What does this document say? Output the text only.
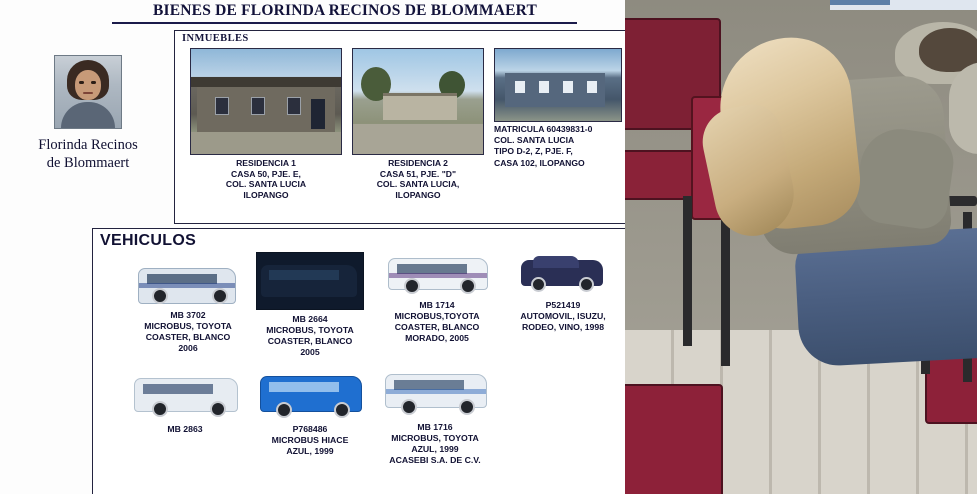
BIENES DE FLORINDA RECINOS DE BLOMMAERT
Florinda Recinos
de Blommaert
INMUEBLES
RESIDENCIA 1
CASA 50, PJE. E,
COL. SANTA LUCIA
ILOPANGO
RESIDENCIA 2
CASA 51, PJE. "D"
COL. SANTA LUCIA,
ILOPANGO
MATRICULA 60439831-0
COL. SANTA LUCIA
TIPO D-2, Z, PJE. F,
CASA 102, ILOPANGO
VEHICULOS
MB 3702
MICROBUS, TOYOTA
COASTER, BLANCO
2006
MB 2664
MICROBUS, TOYOTA
COASTER, BLANCO
2005
MB 1714
MICROBUS,TOYOTA
COASTER, BLANCO
MORADO, 2005
P521419
AUTOMOVIL, ISUZU,
RODEO, VINO, 1998
MB 2863	P768486
MICROBUS HIACE
AZUL, 1999
MB 1716
MICROBUS, TOYOTA
AZUL, 1999
ACASEBI S.A. DE C.V.
